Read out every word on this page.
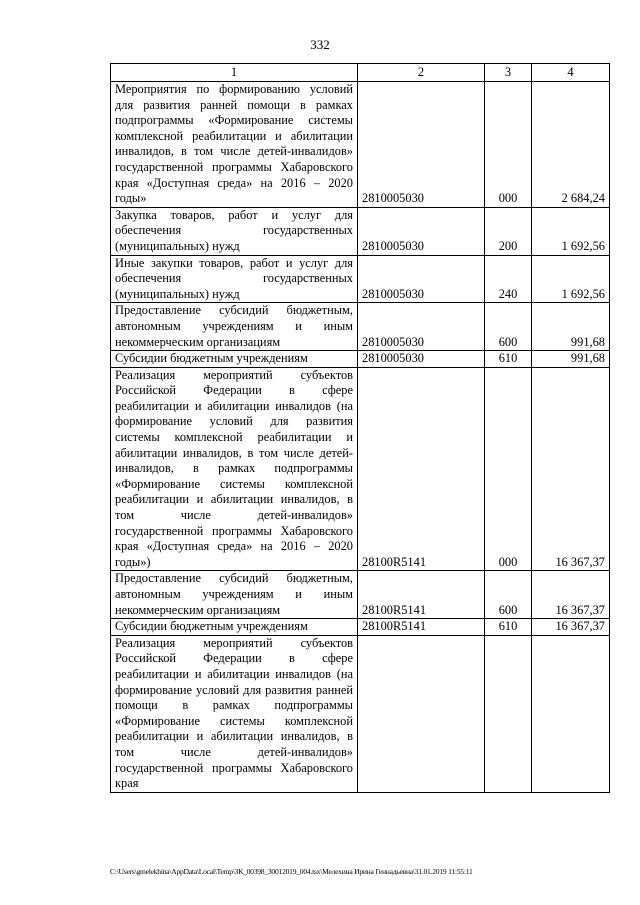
332
1	2	3	4
Мероприятия по формированию условий для развития ранней помощи в рамках подпрограммы «Формирование системы комплексной реабилитации и абилитации инвалидов, в том числе детей-инвалидов» государственной программы Хабаровского края «Доступная среда» на 2016 – 2020 годы»	2810005030	000	2 684,24
Закупка товаров, работ и услуг для обеспечения государственных (муниципальных) нужд	2810005030	200	1 692,56
Иные закупки товаров, работ и услуг для обеспечения государственных (муниципальных) нужд	2810005030	240	1 692,56
Предоставление субсидий бюджетным, автономным учреждениям и иным некоммерческим организациям	2810005030	600	991,68
Субсидии бюджетным учреждениям	2810005030	610	991,68
Реализация мероприятий субъектов Российской Федерации в сфере реабилитации и абилитации инвалидов (на формирование условий для развития системы комплексной реабилитации и абилитации инвалидов, в том числе детей-инвалидов, в рамках подпрограммы «Формирование системы комплексной реабилитации и абилитации инвалидов, в том числе детей-инвалидов» государственной программы Хабаровского края «Доступная среда» на 2016 – 2020 годы»)	28100R5141	000	16 367,37
Предоставление субсидий бюджетным, автономным учреждениям и иным некоммерческим организациям	28100R5141	600	16 367,37
Субсидии бюджетным учреждениям	28100R5141	610	16 367,37
Реализация мероприятий субъектов Российской Федерации в сфере реабилитации и абилитации инвалидов (на формирование условий для развития ранней помощи в рамках подпрограммы «Формирование системы комплексной реабилитации и абилитации инвалидов, в том числе детей-инвалидов» государственной программы Хабаровского края			
C:\Users\gmelekhina\AppData\Local\Temp\ЗК_00398_30012019_004.tsx\Мелехина Ирина Геннадьевна\31.01.2019 11:55:11
